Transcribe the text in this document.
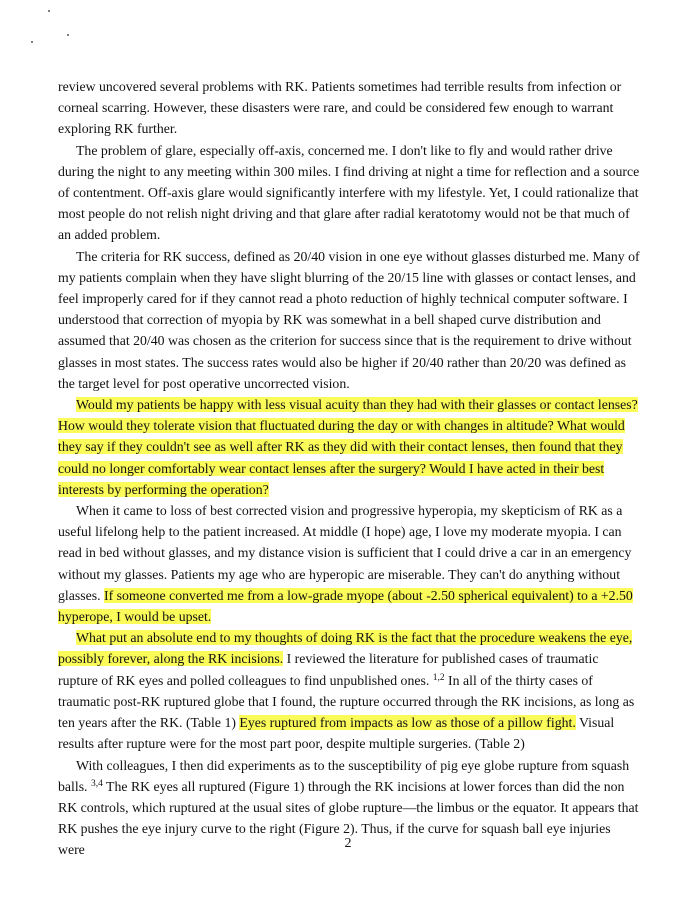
review uncovered several problems with RK. Patients sometimes had terrible results from infection or corneal scarring. However, these disasters were rare, and could be considered few enough to warrant exploring RK further.

The problem of glare, especially off-axis, concerned me. I don't like to fly and would rather drive during the night to any meeting within 300 miles. I find driving at night a time for reflection and a source of contentment. Off-axis glare would significantly interfere with my lifestyle. Yet, I could rationalize that most people do not relish night driving and that glare after radial keratotomy would not be that much of an added problem.

The criteria for RK success, defined as 20/40 vision in one eye without glasses disturbed me. Many of my patients complain when they have slight blurring of the 20/15 line with glasses or contact lenses, and feel improperly cared for if they cannot read a photo reduction of highly technical computer software. I understood that correction of myopia by RK was somewhat in a bell shaped curve distribution and assumed that 20/40 was chosen as the criterion for success since that is the requirement to drive without glasses in most states. The success rates would also be higher if 20/40 rather than 20/20 was defined as the target level for post operative uncorrected vision.

Would my patients be happy with less visual acuity than they had with their glasses or contact lenses? How would they tolerate vision that fluctuated during the day or with changes in altitude? What would they say if they couldn't see as well after RK as they did with their contact lenses, then found that they could no longer comfortably wear contact lenses after the surgery? Would I have acted in their best interests by performing the operation?

When it came to loss of best corrected vision and progressive hyperopia, my skepticism of RK as a useful lifelong help to the patient increased. At middle (I hope) age, I love my moderate myopia. I can read in bed without glasses, and my distance vision is sufficient that I could drive a car in an emergency without my glasses. Patients my age who are hyperopic are miserable. They can't do anything without glasses. If someone converted me from a low-grade myope (about -2.50 spherical equivalent) to a +2.50 hyperope, I would be upset.

What put an absolute end to my thoughts of doing RK is the fact that the procedure weakens the eye, possibly forever, along the RK incisions. I reviewed the literature for published cases of traumatic rupture of RK eyes and polled colleagues to find unpublished ones. $^{1,2}$ In all of the thirty cases of traumatic post-RK ruptured globe that I found, the rupture occurred through the RK incisions, as long as ten years after the RK. (Table 1) Eyes ruptured from impacts as low as those of a pillow fight. Visual results after rupture were for the most part poor, despite multiple surgeries. (Table 2)

With colleagues, I then did experiments as to the susceptibility of pig eye globe rupture from squash balls. $^{3,4}$ The RK eyes all ruptured (Figure 1) through the RK incisions at lower forces than did the non RK controls, which ruptured at the usual sites of globe rupture—the limbus or the equator. It appears that RK pushes the eye injury curve to the right (Figure 2). Thus, if the curve for squash ball eye injuries were	2
